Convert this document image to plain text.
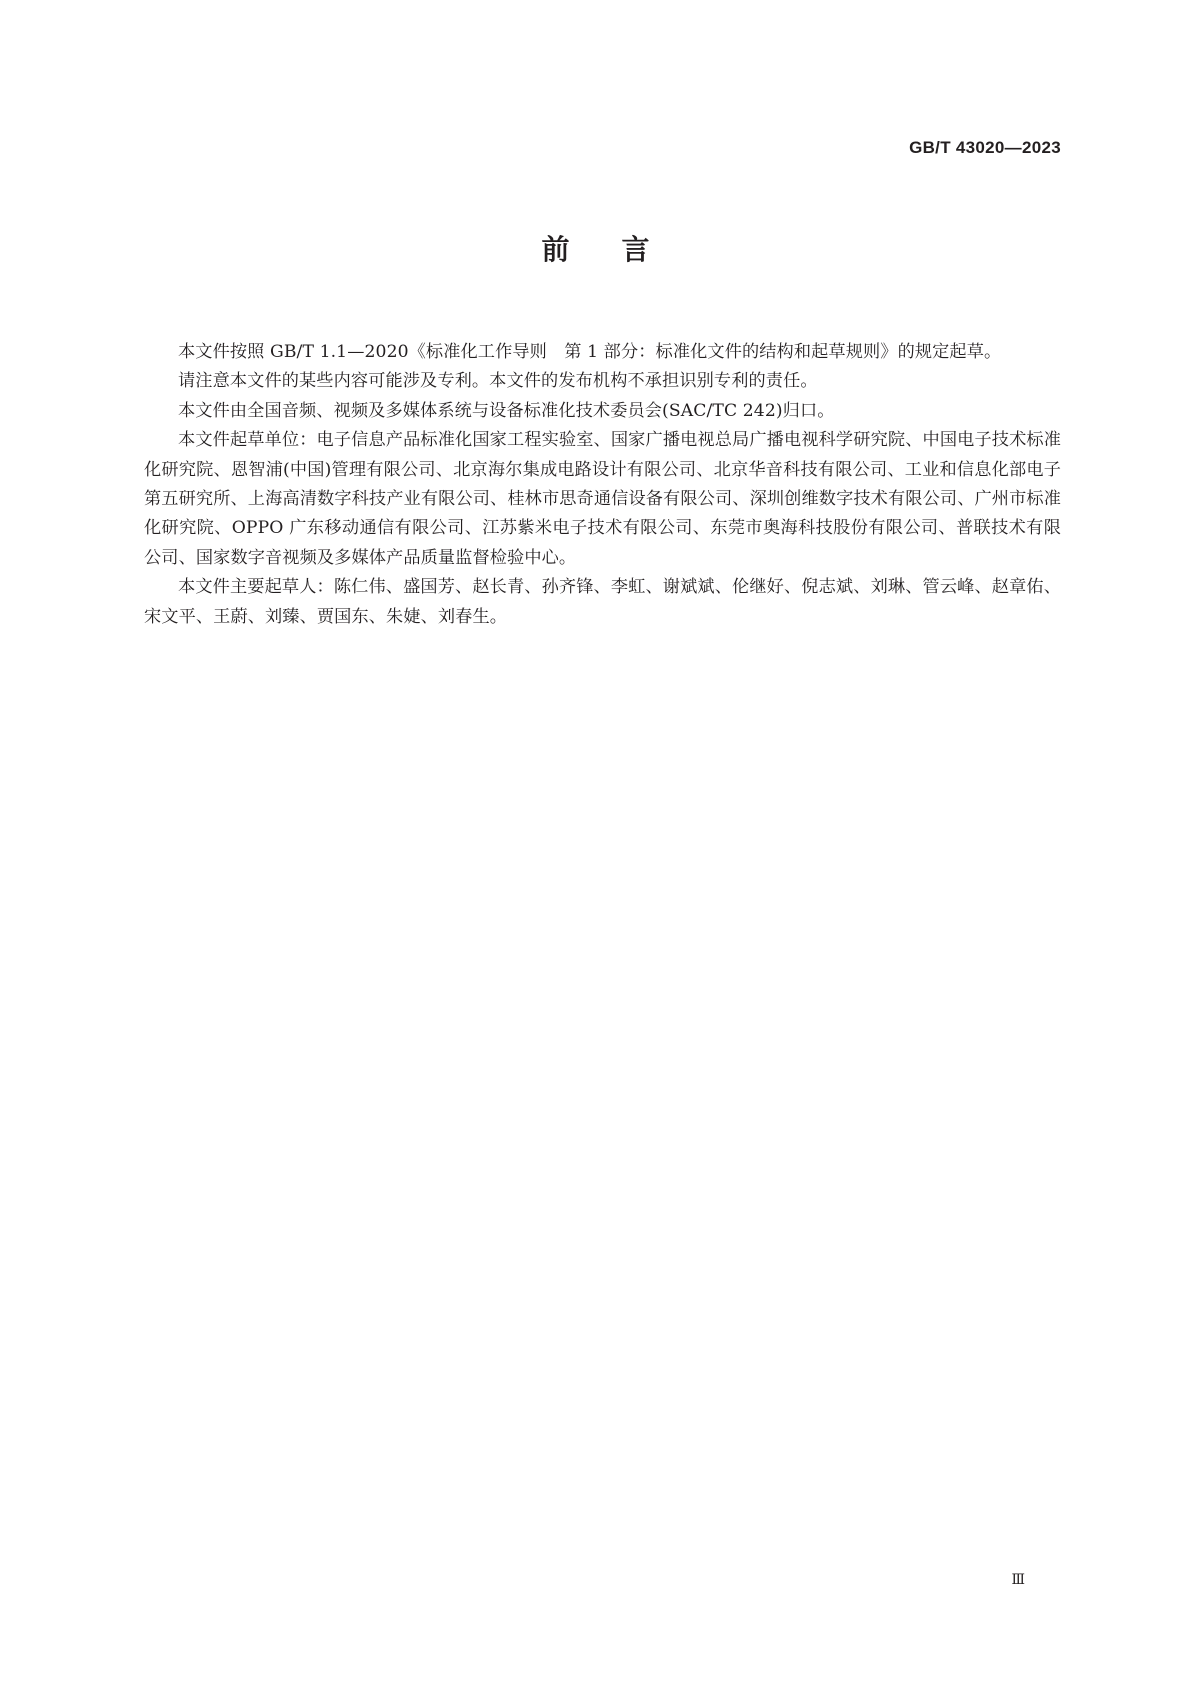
GB/T 43020—2023
前言

本文件按照 GB/T 1.1—2020《标准化工作导则　第 1 部分：标准化文件的结构和起草规则》的规定起草。

请注意本文件的某些内容可能涉及专利。本文件的发布机构不承担识别专利的责任。

本文件由全国音频、视频及多媒体系统与设备标准化技术委员会(SAC/TC 242)归口。

本文件起草单位：电子信息产品标准化国家工程实验室、国家广播电视总局广播电视科学研究院、中国电子技术标准化研究院、恩智浦(中国)管理有限公司、北京海尔集成电路设计有限公司、北京华音科技有限公司、工业和信息化部电子第五研究所、上海高清数字科技产业有限公司、桂林市思奇通信设备有限公司、深圳创维数字技术有限公司、广州市标准化研究院、OPPO 广东移动通信有限公司、江苏紫米电子技术有限公司、东莞市奥海科技股份有限公司、普联技术有限公司、国家数字音视频及多媒体产品质量监督检验中心。

本文件主要起草人：陈仁伟、盛国芳、赵长青、孙齐锋、李虹、谢斌斌、伦继好、倪志斌、刘琳、管云峰、赵章佑、宋文平、王蔚、刘臻、贾国东、朱婕、刘春生。

Ⅲ
